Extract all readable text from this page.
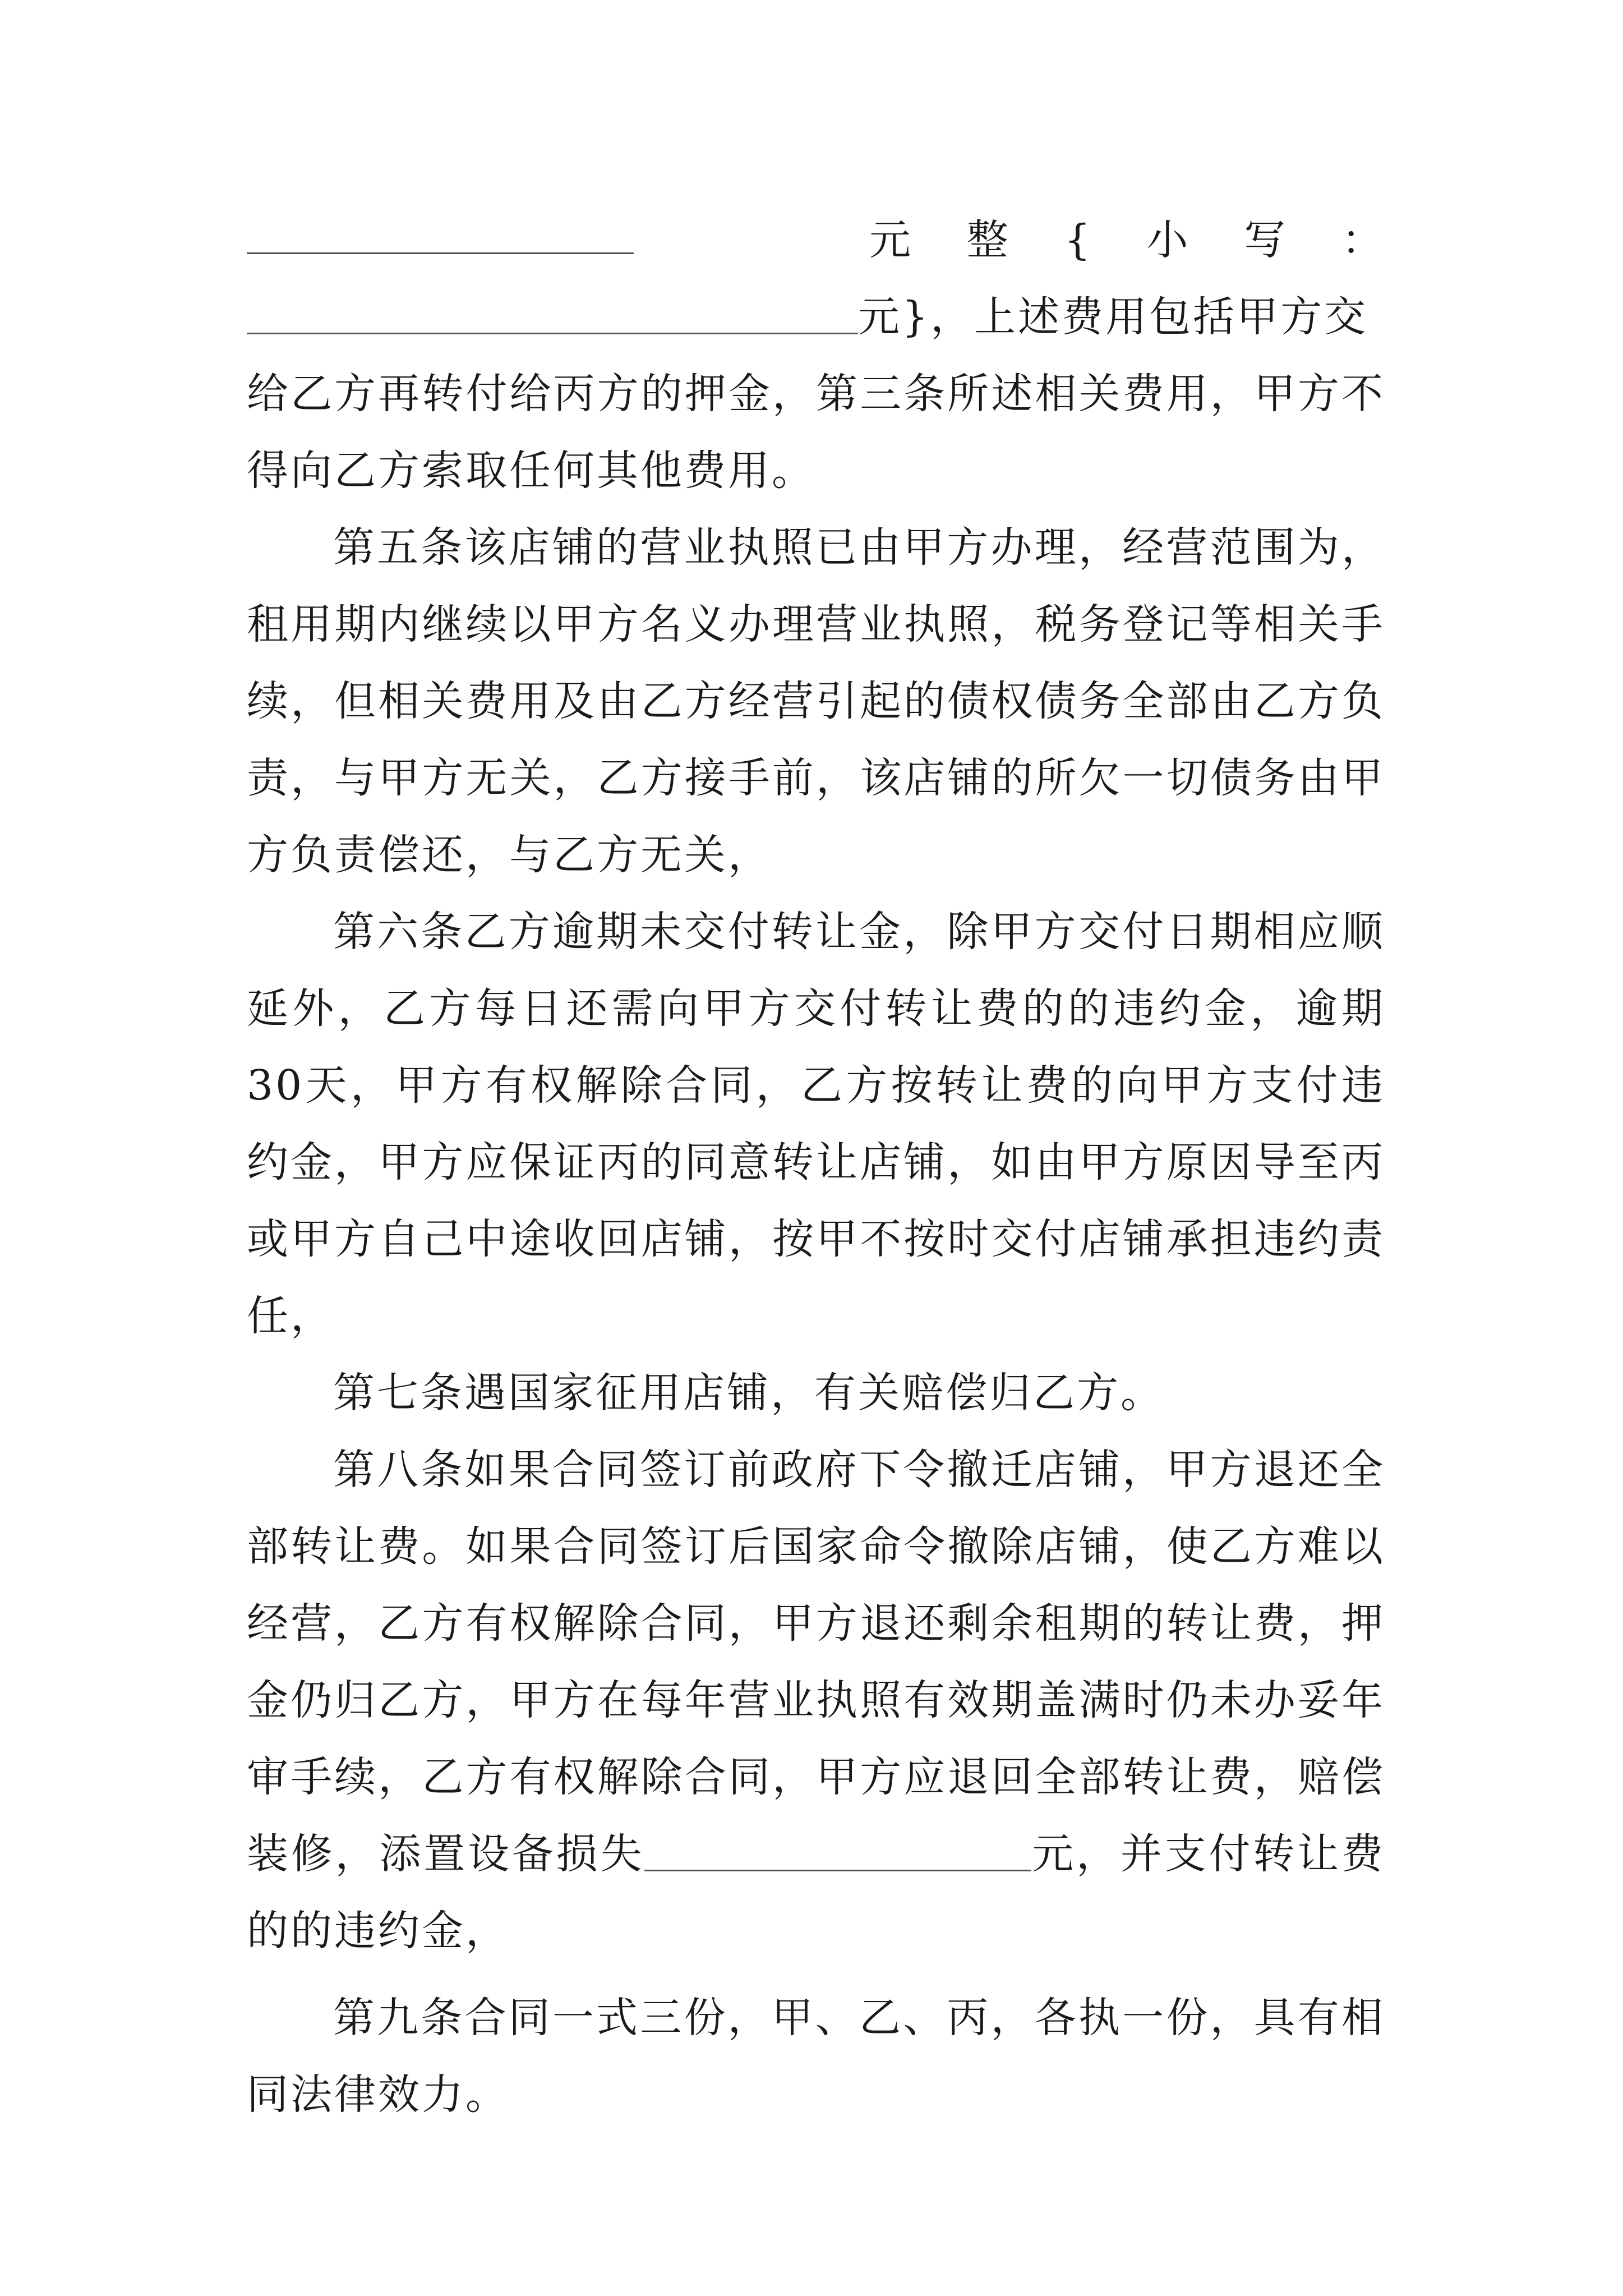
元 整 { 小 写 ：
元}，上述费用包括甲方交
给乙方再转付给丙方的押金，第三条所述相关费用，甲方不得向乙方索取任何其他费用。
第五条该店铺的营业执照已由甲方办理，经营范围为，租用期内继续以甲方名义办理营业执照，税务登记等相关手续，但相关费用及由乙方经营引起的债权债务全部由乙方负责，与甲方无关，乙方接手前，该店铺的所欠一切债务由甲方负责偿还，与乙方无关，
第六条乙方逾期未交付转让金，除甲方交付日期相应顺延外，乙方每日还需向甲方交付转让费的的违约金，逾期30天，甲方有权解除合同，乙方按转让费的向甲方支付违约金，甲方应保证丙的同意转让店铺，如由甲方原因导至丙或甲方自己中途收回店铺，按甲不按时交付店铺承担违约责任，
第七条遇国家征用店铺，有关赔偿归乙方。
第八条如果合同签订前政府下令撤迁店铺，甲方退还全部转让费。如果合同签订后国家命令撤除店铺，使乙方难以经营，乙方有权解除合同，甲方退还剩余租期的转让费，押金仍归乙方，甲方在每年营业执照有效期盖满时仍未办妥年审手续，乙方有权解除合同，甲方应退回全部转让费，赔偿装修，添置设备损失	元，并支付转让费的的违约金，
第九条合同一式三份，甲、乙、丙，各执一份，具有相同法律效力。
